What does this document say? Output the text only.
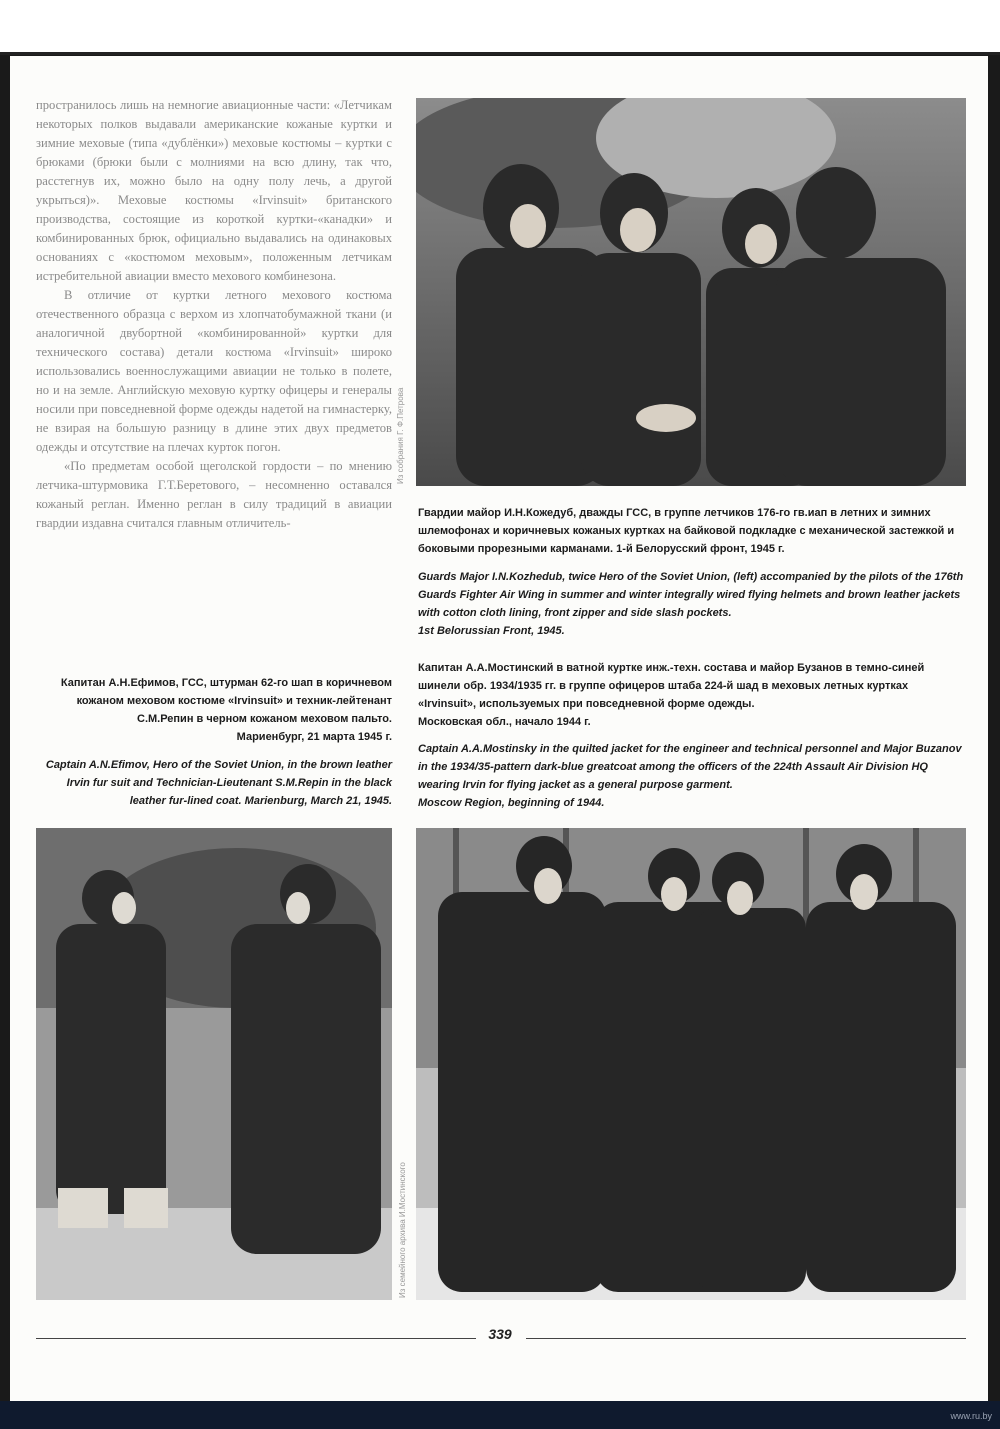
пространилось лишь на немногие авиационные части: «Летчикам некоторых полков выдавали американские кожаные куртки и зимние меховые (типа «дублёнки») меховые костюмы – куртки с брюками (брюки были с молниями на всю длину, так что, расстегнув их, можно было на одну полу лечь, а другой укрыться)». Меховые костюмы «Irvinsuit» британского производства, состоящие из короткой куртки-«канадки» и комбинированных брюк, официально выдавались на одинаковых основаниях с «костюмом меховым», положенным летчикам истребительной авиации вместо мехового комбинезона.

В отличие от куртки летного мехового костюма отечественного образца с верхом из хлопчатобумажной ткани (и аналогичной двубортной «комбинированной» куртки для технического состава) детали костюма «Irvinsuit» широко использовались военнослужащими авиации не только в полете, но и на земле. Английскую меховую куртку офицеры и генералы носили при повседневной форме одежды надетой на гимнастерку, не взирая на большую разницу в длине этих двух предметов одежды и отсутствие на плечах курток погон.

«По предметам особой щеголской гордости – по мнению летчика-штурмовика Г.Т.Беретового, – несомненно оставался кожаный реглан. Именно реглан в силу традиций в авиации гвардии издавна считался главным отличитель-

Из собрания Г. Ф.Петрова

Гвардии майор И.Н.Кожедуб, дважды ГСС, в группе летчиков 176-го гв.иап в летних и зимних шлемофонах и коричневых кожаных куртках на байковой подкладке с механической застежкой и боковыми прорезными карманами. 1-й Белорусский фронт, 1945 г.

Guards Major I.N.Kozhedub, twice Hero of the Soviet Union, (left) accompanied by the pilots of the 176th Guards Fighter Air Wing in summer and winter integrally wired flying helmets and brown leather jackets with cotton cloth lining, front zipper and side slash pockets.

1st Belorussian Front, 1945.

Капитан А.А.Мостинский в ватной куртке инж.-техн. состава и майор Бузанов в темно-синей шинели обр. 1934/1935 гг. в группе офицеров штаба 224-й шад в меховых летных куртках «Irvinsuit», используемых при повседневной форме одежды.

Московская обл., начало 1944 г.

Captain A.A.Mostinsky in the quilted jacket for the engineer and technical personnel and Major Buzanov in the 1934/35-pattern dark-blue greatcoat among the officers of the 224th Assault Air Division HQ wearing Irvin for flying jacket as a general purpose garment.

Moscow Region, beginning of 1944.

Капитан А.Н.Ефимов, ГСС, штурман 62-го шап в коричневом кожаном меховом костюме «Irvinsuit» и техник-лейтенант С.М.Репин в черном кожаном меховом пальто.

Мариенбург, 21 марта 1945 г.

Captain A.N.Efimov, Hero of the Soviet Union, in the brown leather Irvin fur suit and Technician-Lieutenant S.M.Repin in the black leather fur-lined coat. Marienburg, March 21, 1945.

Из семейного архива И.Мостинского
339
www.ru.by
